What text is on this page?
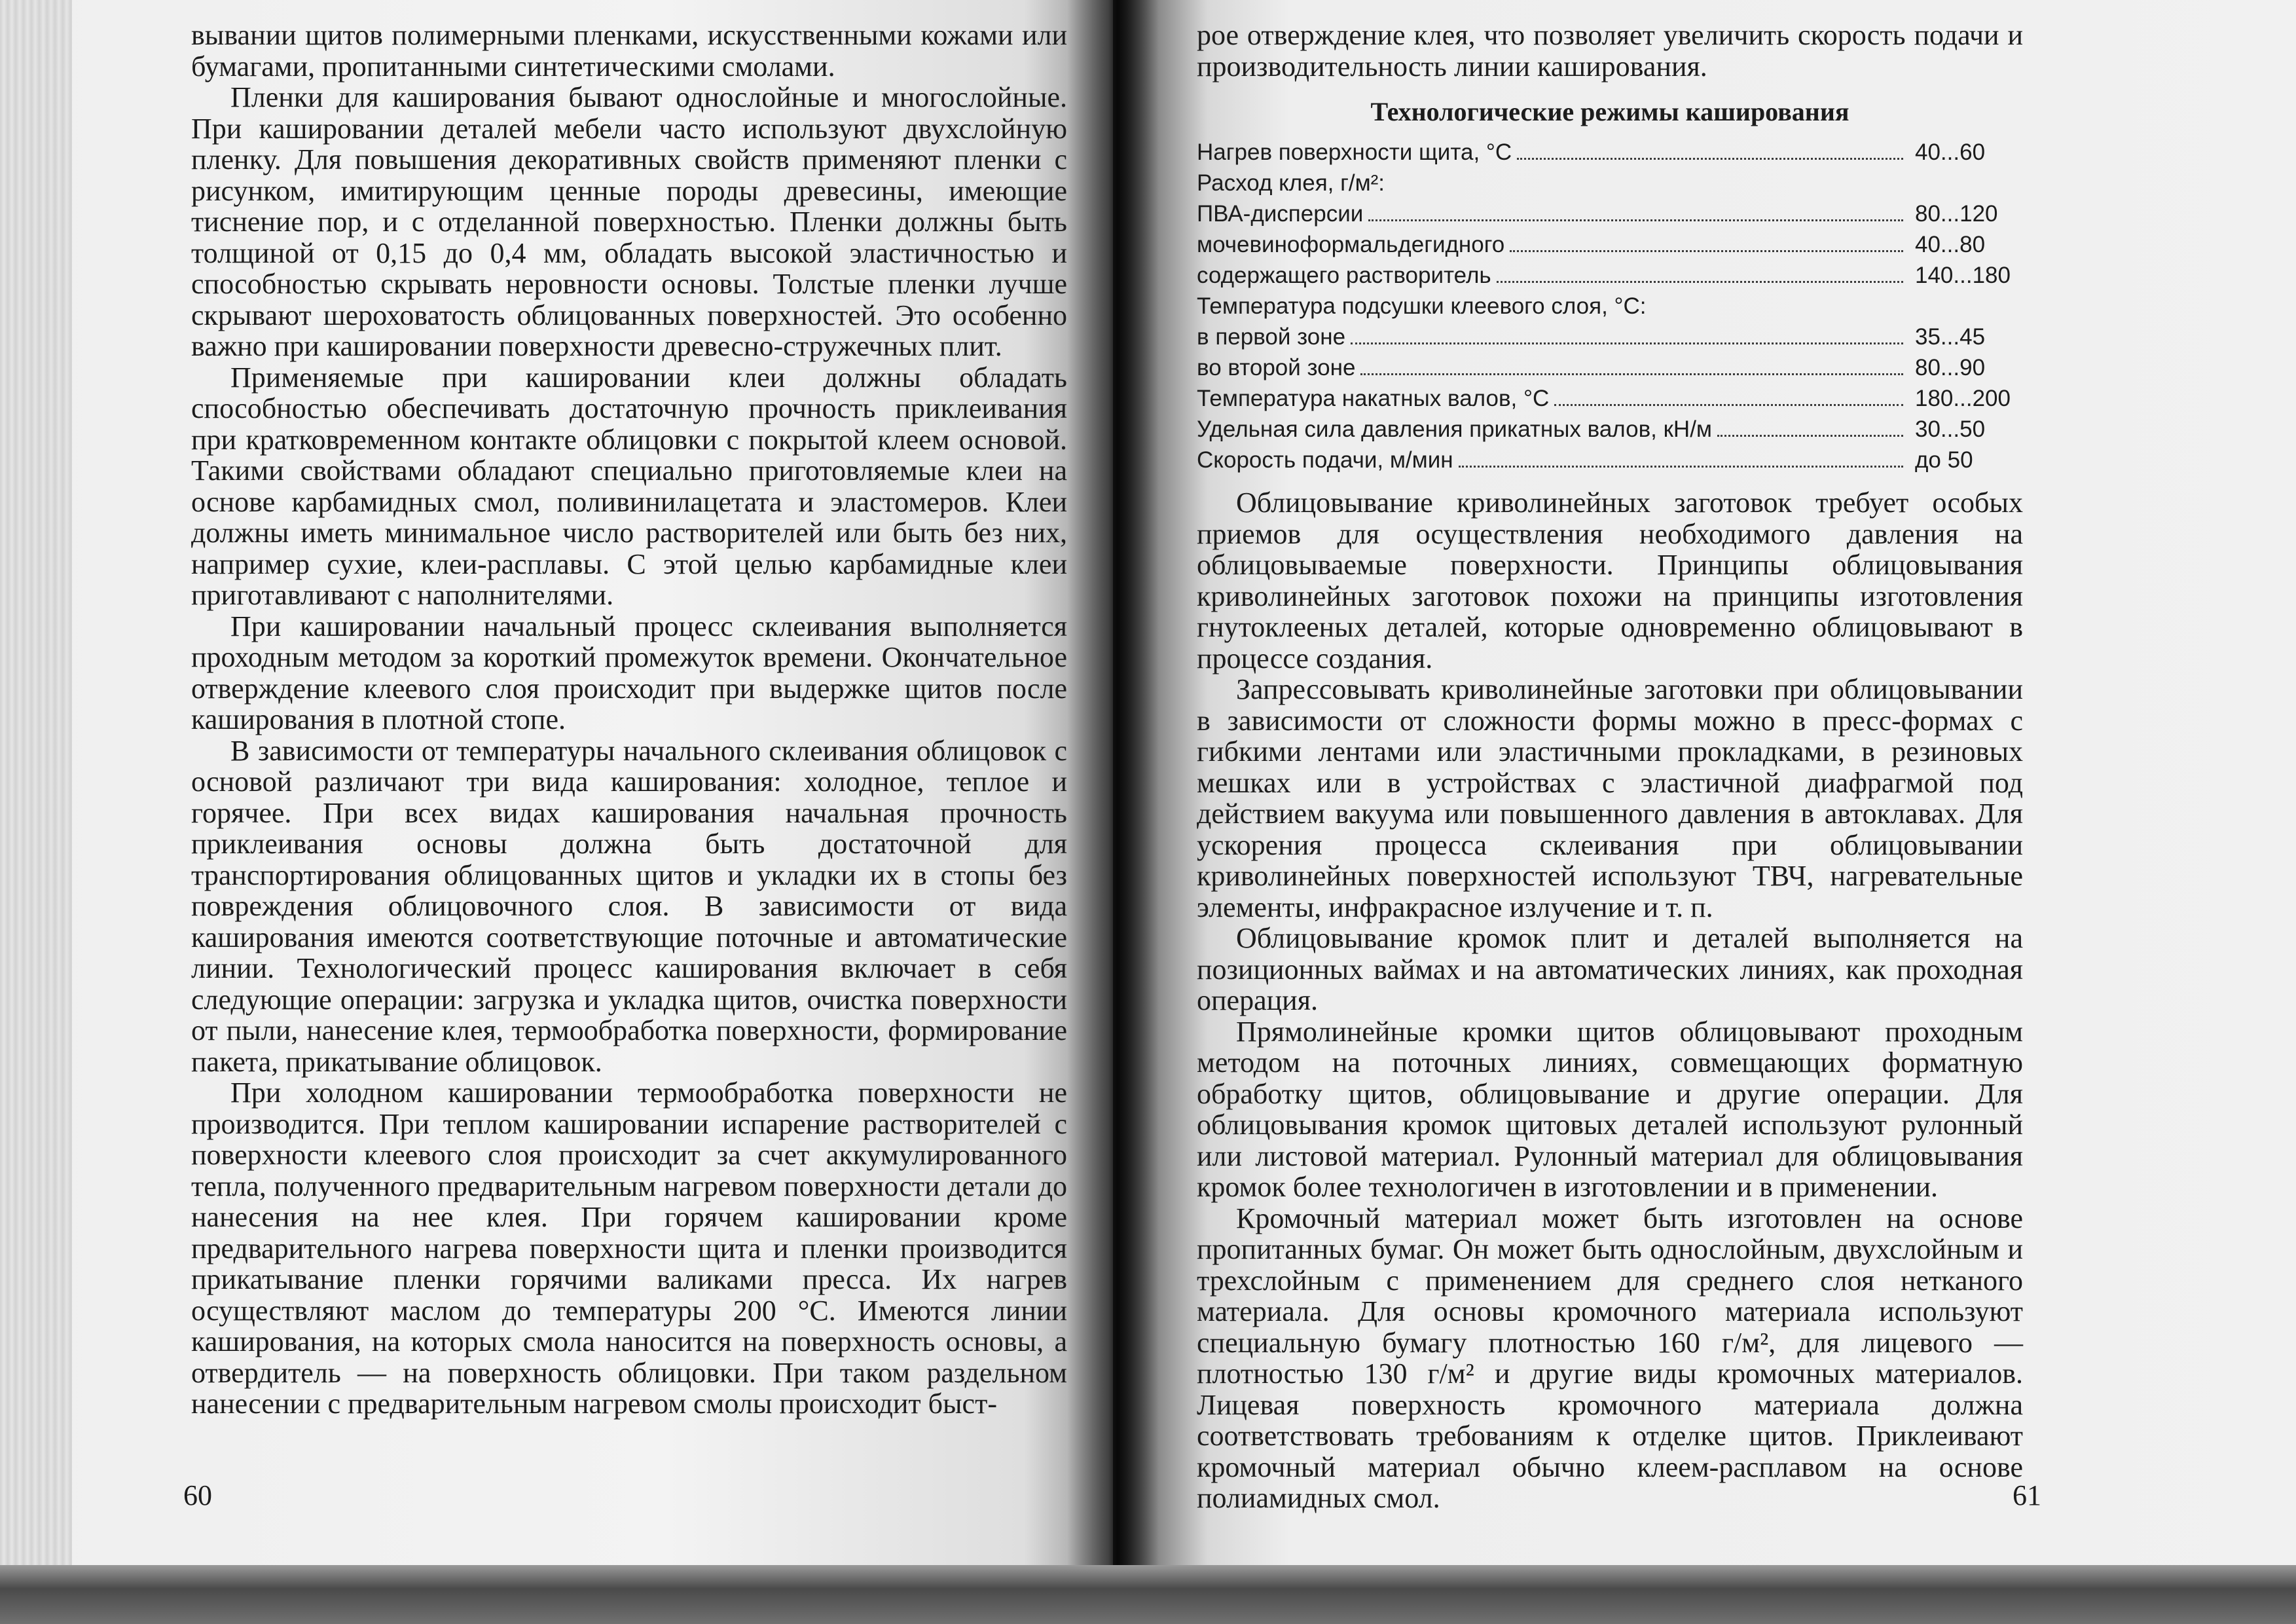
вывании щитов полимерными пленками, искусственными кожами или бумагами, пропитанными синтетическими смолами.

Пленки для каширования бывают однослойные и многослойные. При кашировании деталей мебели часто используют двухслойную пленку. Для повышения декоративных свойств применяют пленки с рисунком, имитирующим ценные породы древесины, имеющие тиснение пор, и с отделанной поверхностью. Пленки должны быть толщиной от 0,15 до 0,4 мм, обладать высокой эластичностью и способностью скрывать неровности основы. Толстые пленки лучше скрывают шероховатость облицованных поверхностей. Это особенно важно при кашировании поверхности древесно-стружечных плит.

Применяемые при кашировании клеи должны обладать способностью обеспечивать достаточную прочность приклеивания при кратковременном контакте облицовки с покрытой клеем основой. Такими свойствами обладают специально приготовляемые клеи на основе карбамидных смол, поливинилацетата и эластомеров. Клеи должны иметь минимальное число растворителей или быть без них, например сухие, клеи-расплавы. С этой целью карбамидные клеи приготавливают с наполнителями.

При кашировании начальный процесс склеивания выполняется проходным методом за короткий промежуток времени. Окончательное отверждение клеевого слоя происходит при выдержке щитов после каширования в плотной стопе.

В зависимости от температуры начального склеивания облицовок с основой различают три вида каширования: холодное, теплое и горячее. При всех видах каширования начальная прочность приклеивания основы должна быть достаточной для транспортирования облицованных щитов и укладки их в стопы без повреждения облицовочного слоя. В зависимости от вида каширования имеются соответствующие поточные и автоматические линии. Технологический процесс каширования включает в себя следующие операции: загрузка и укладка щитов, очистка поверхности от пыли, нанесение клея, термообработка поверхности, формирование пакета, прикатывание облицовок.

При холодном кашировании термообработка поверхности не производится. При теплом кашировании испарение растворителей с поверхности клеевого слоя происходит за счет аккумулированного тепла, полученного предварительным нагревом поверхности детали до нанесения на нее клея. При горячем кашировании кроме предварительного нагрева поверхности щита и пленки производится прикатывание пленки горячими валиками пресса. Их нагрев осуществляют маслом до температуры 200 °С. Имеются линии каширования, на которых смола наносится на поверхность основы, а отвердитель — на поверхность облицовки. При таком раздельном нанесении с предварительным нагревом смолы происходит быст-

60

рое отверждение клея, что позволяет увеличить скорость подачи и производительность линии каширования.

Технологические режимы каширования
Нагрев поверхности щита, °С	40...60
Расход клея, г/м²:
ПВА-дисперсии	80...120
мочевиноформальдегидного	40...80
содержащего растворитель	140...180
Температура подсушки клеевого слоя, °С:
в первой зоне	35...45
во второй зоне	80...90
Температура накатных валов, °С	180...200
Удельная сила давления прикатных валов, кН/м	30...50
Скорость подачи, м/мин	до 50

Облицовывание криволинейных заготовок требует особых приемов для осуществления необходимого давления на облицовываемые поверхности. Принципы облицовывания криволинейных заготовок похожи на принципы изготовления гнутоклееных деталей, которые одновременно облицовывают в процессе создания.

Запрессовывать криволинейные заготовки при облицовывании в зависимости от сложности формы можно в пресс-формах с гибкими лентами или эластичными прокладками, в резиновых мешках или в устройствах с эластичной диафрагмой под действием вакуума или повышенного давления в автоклавах. Для ускорения процесса склеивания при облицовывании криволинейных поверхностей используют ТВЧ, нагревательные элементы, инфракрасное излучение и т. п.

Облицовывание кромок плит и деталей выполняется на позиционных ваймах и на автоматических линиях, как проходная операция.

Прямолинейные кромки щитов облицовывают проходным методом на поточных линиях, совмещающих форматную обработку щитов, облицовывание и другие операции. Для облицовывания кромок щитовых деталей используют рулонный или листовой материал. Рулонный материал для облицовывания кромок более технологичен в изготовлении и в применении.

Кромочный материал может быть изготовлен на основе пропитанных бумаг. Он может быть однослойным, двухслойным и трехслойным с применением для среднего слоя нетканого материала. Для основы кромочного материала используют специальную бумагу плотностью 160 г/м², для лицевого — плотностью 130 г/м² и другие виды кромочных материалов. Лицевая поверхность кромочного материала должна соответствовать требованиям к отделке щитов. Приклеивают кромочный материал обычно клеем-расплавом на основе полиамидных смол.	61
